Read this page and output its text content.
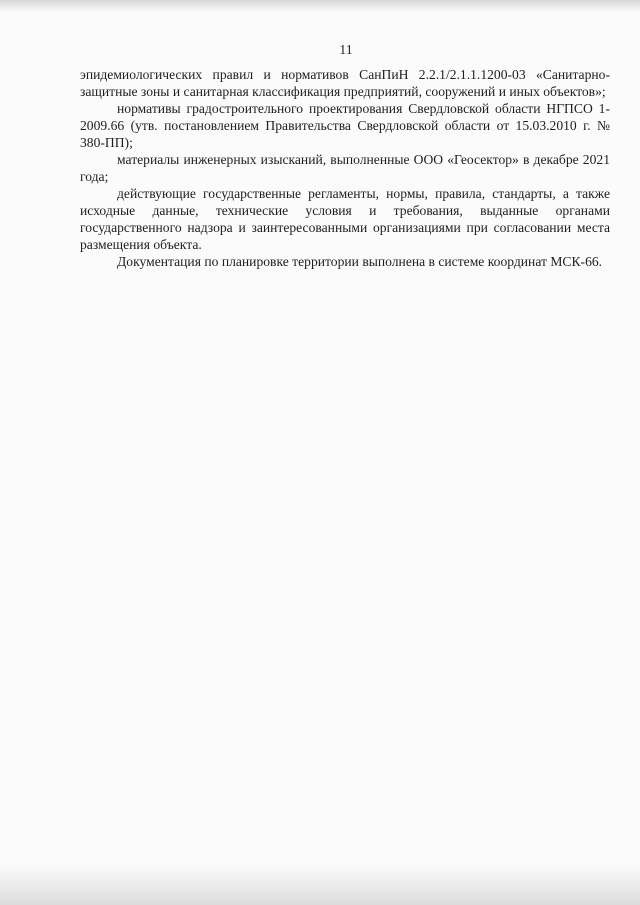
11

эпидемиологических правил и нормативов СанПиН 2.2.1/2.1.1.1200-03 «Санитарно-защитные зоны и санитарная классификация предприятий, сооружений и иных объектов»;

нормативы градостроительного проектирования Свердловской области НГПСО 1-2009.66 (утв. постановлением Правительства Свердловской области от 15.03.2010 г. № 380-ПП);

материалы инженерных изысканий, выполненные ООО «Геосектор» в декабре 2021 года;

действующие государственные регламенты, нормы, правила, стандарты, а также исходные данные, технические условия и требования, выданные органами государственного надзора и заинтересованными организациями при согласовании места размещения объекта.

Документация по планировке территории выполнена в системе координат МСК-66.
